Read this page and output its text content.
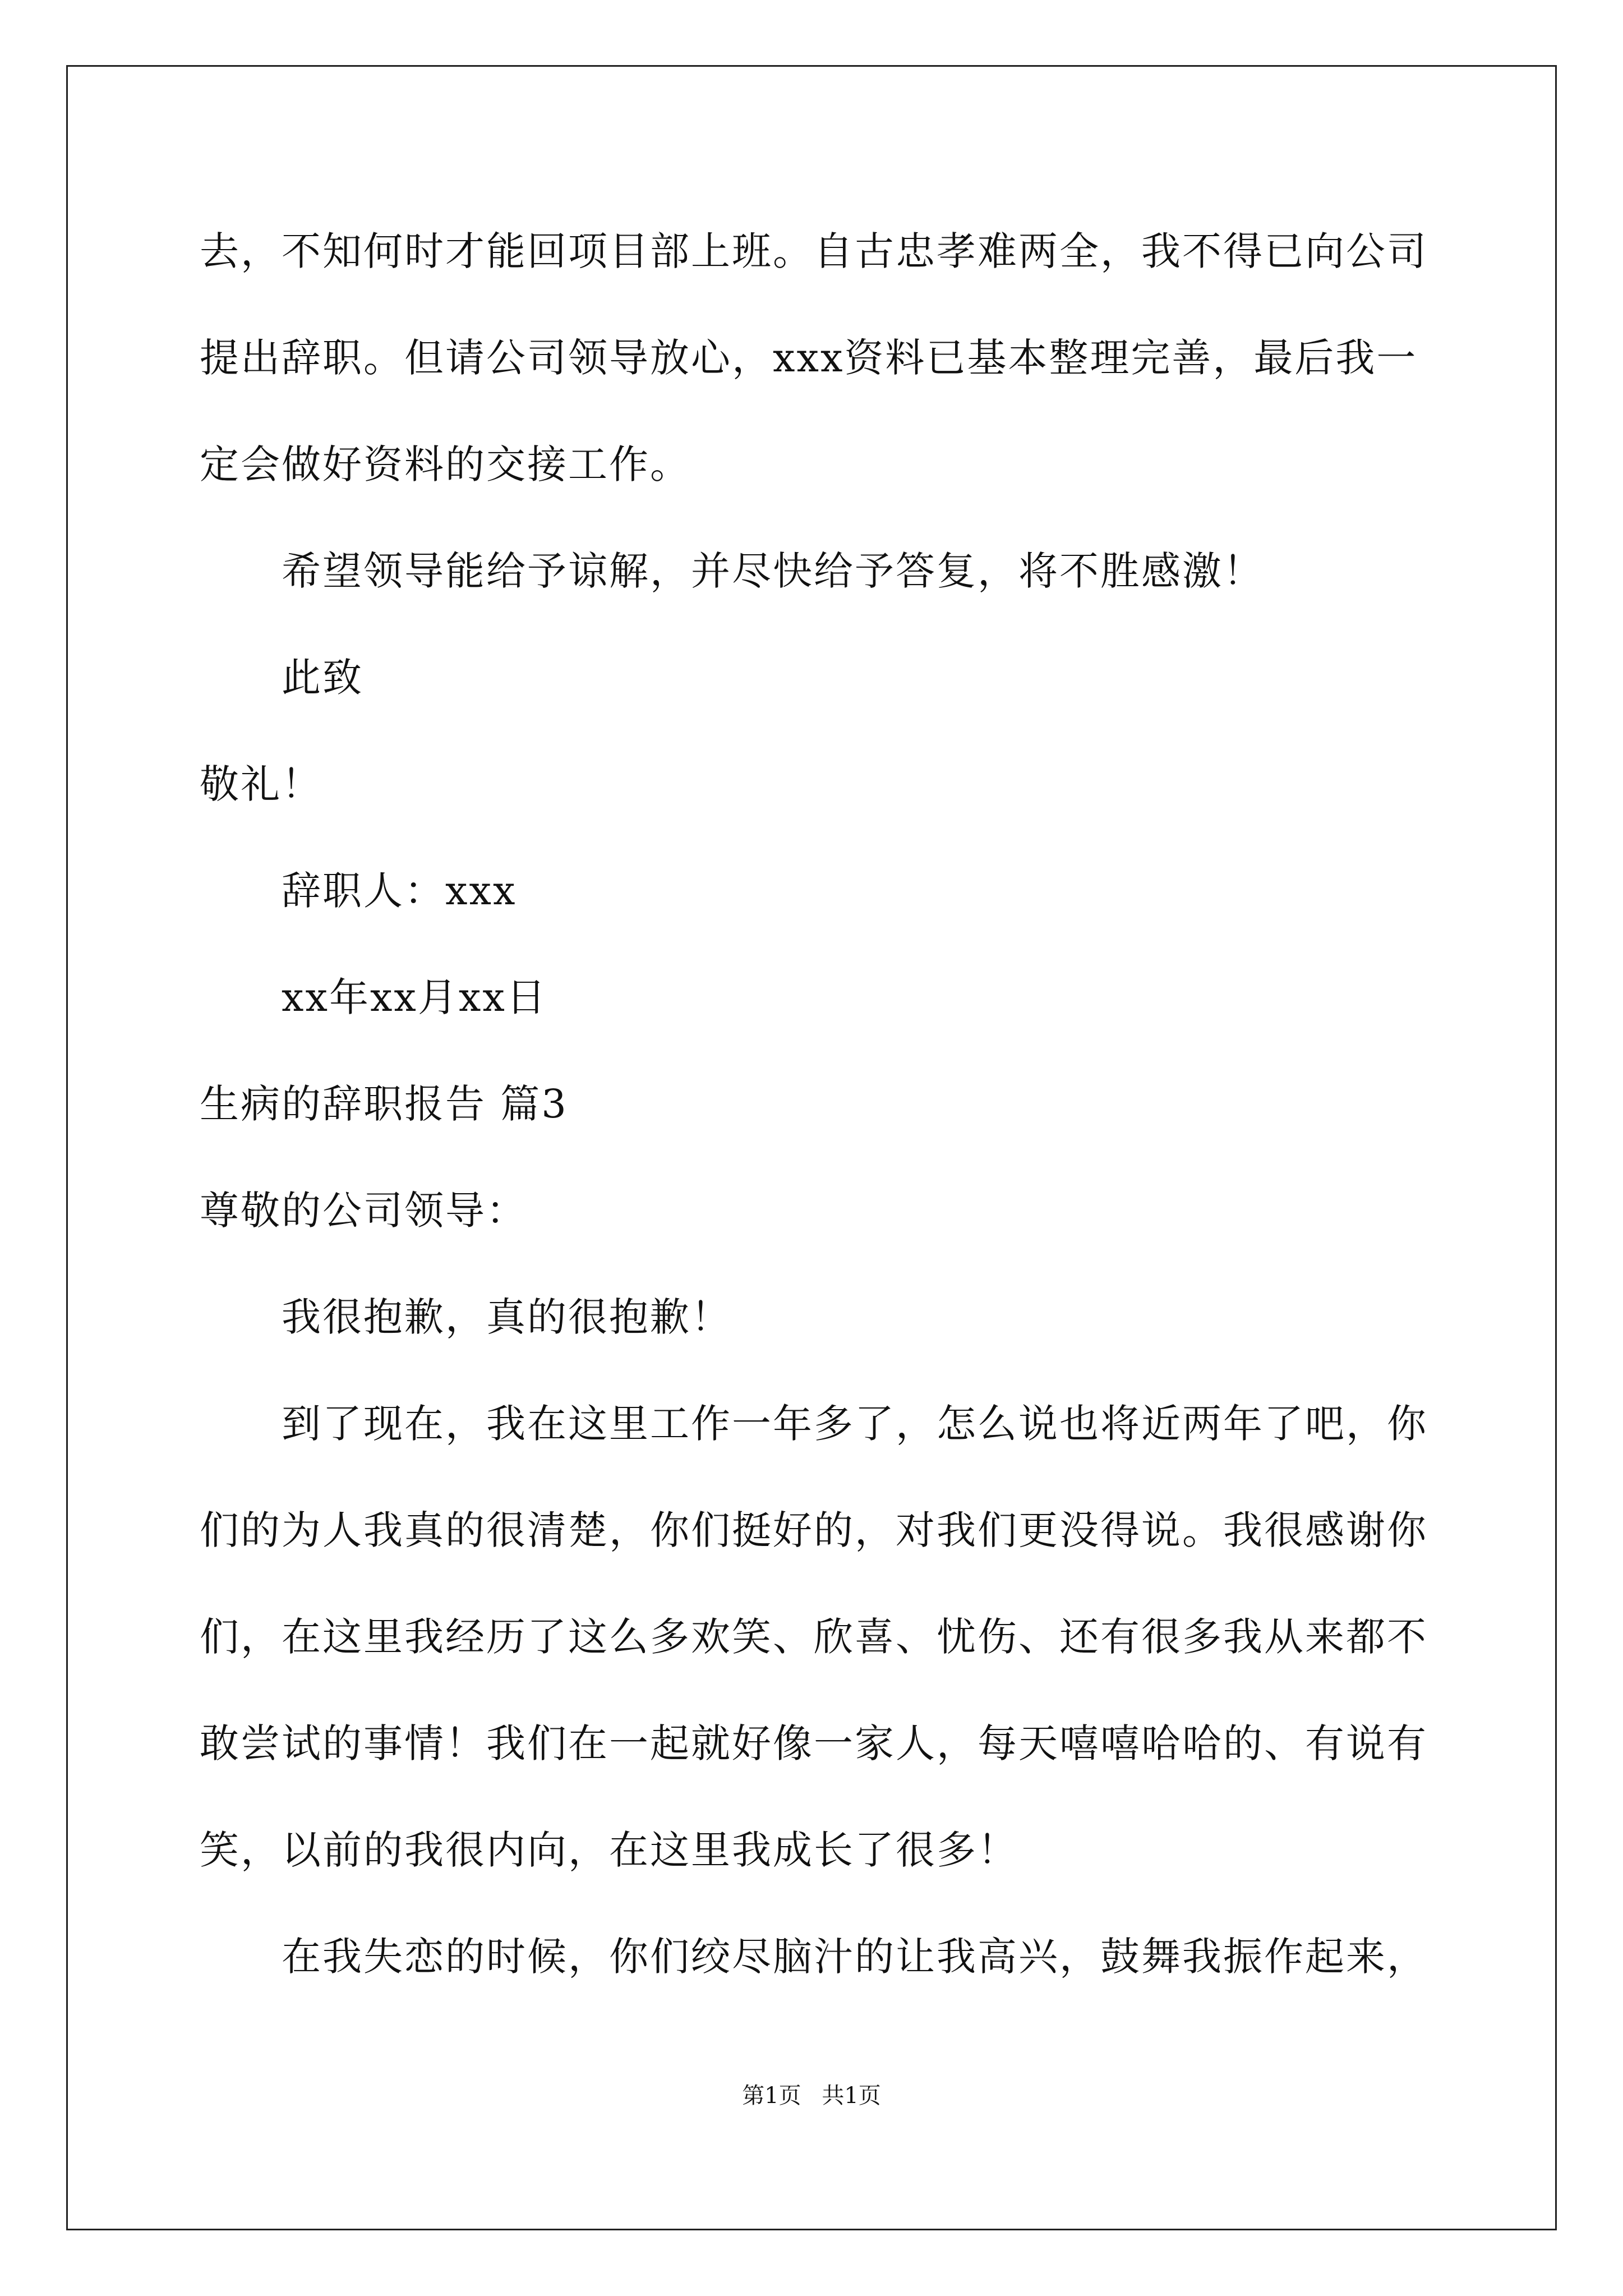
去，不知何时才能回项目部上班。自古忠孝难两全，我不得已向公司
提出辞职。但请公司领导放心，xxx资料已基本整理完善，最后我一
定会做好资料的交接工作。
希望领导能给予谅解，并尽快给予答复，将不胜感激！
此致
敬礼！
辞职人：xxx
xx年xx月xx日
生病的辞职报告 篇3
尊敬的公司领导：
我很抱歉，真的很抱歉！
到了现在，我在这里工作一年多了，怎么说也将近两年了吧，你
们的为人我真的很清楚，你们挺好的，对我们更没得说。我很感谢你
们，在这里我经历了这么多欢笑、欣喜、忧伤、还有很多我从来都不
敢尝试的事情！我们在一起就好像一家人，每天嘻嘻哈哈的、有说有
笑，以前的我很内向，在这里我成长了很多！
在我失恋的时候，你们绞尽脑汁的让我高兴，鼓舞我振作起来，
第1页 共1页
